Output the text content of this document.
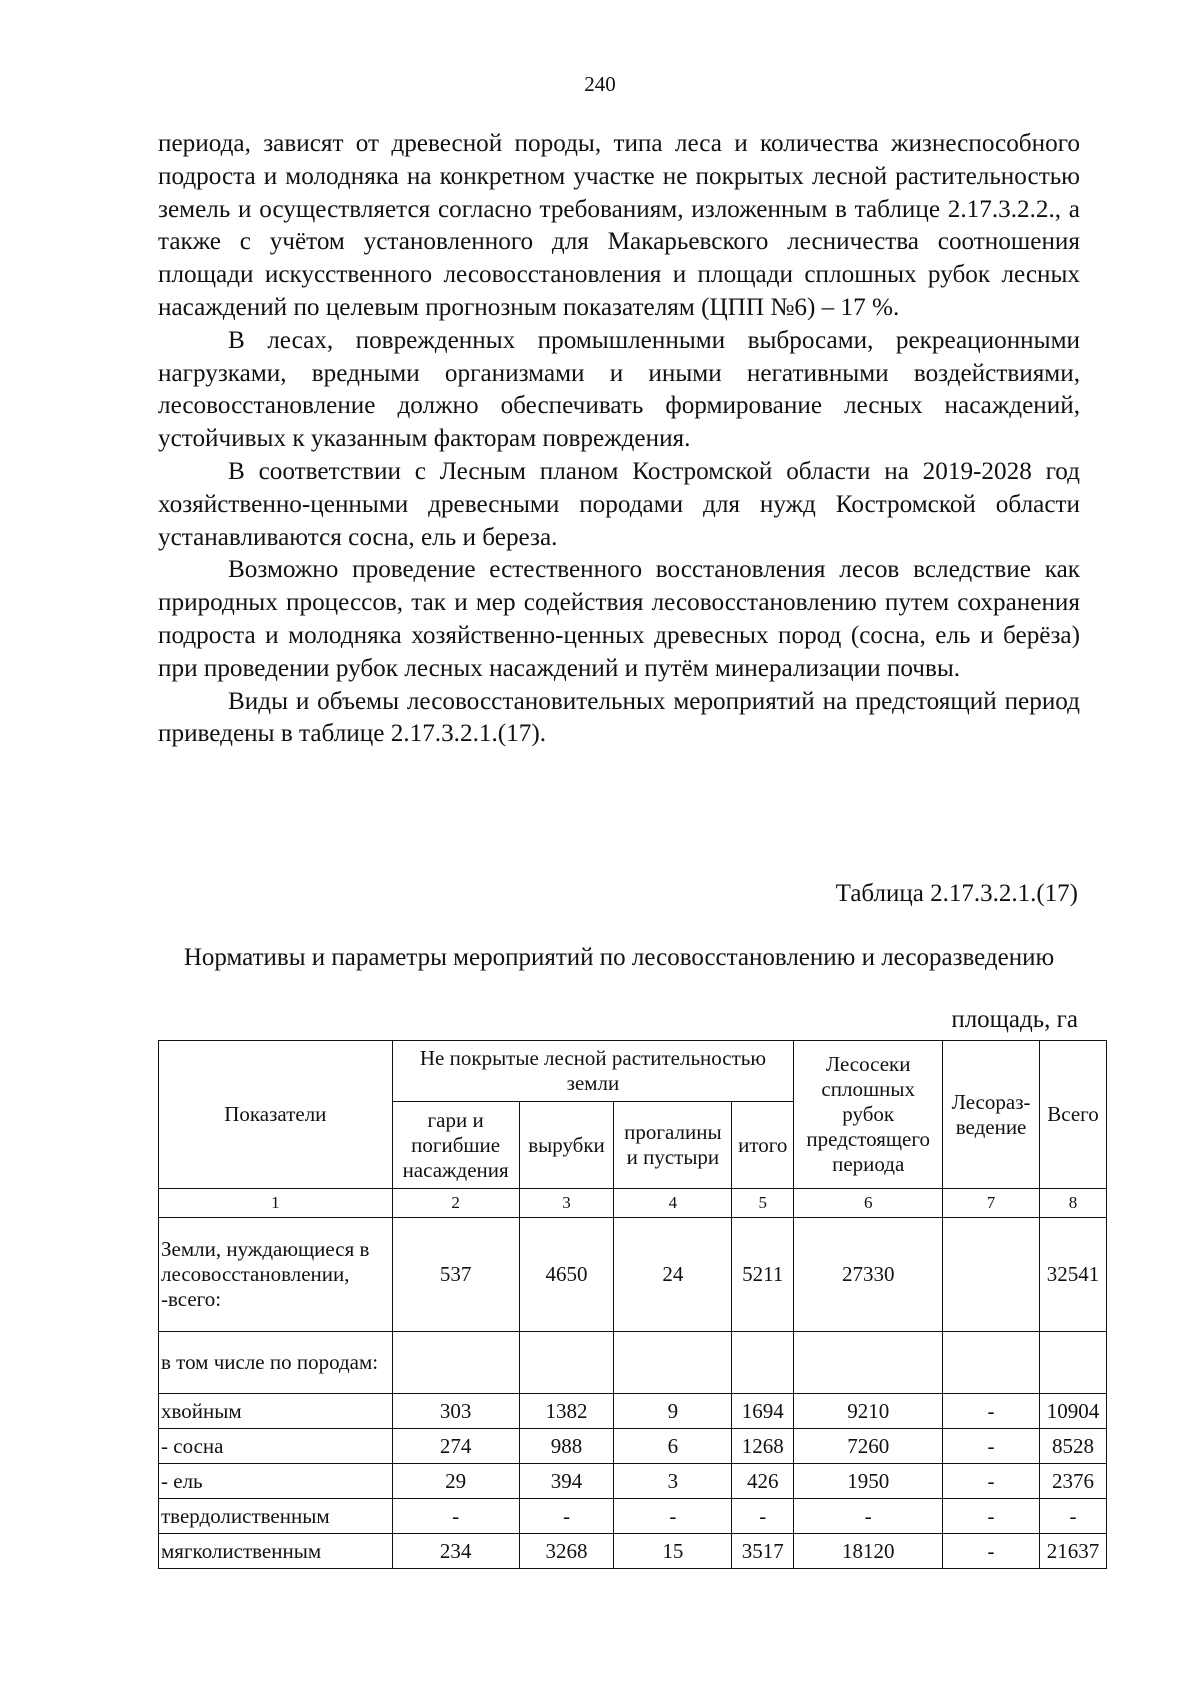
240

периода, зависят от древесной породы, типа леса и количества жизнеспособного подроста и молодняка на конкретном участке не покрытых лесной растительностью земель и осуществляется согласно требованиям, изложенным в таблице 2.17.3.2.2., а также с учётом установленного для Макарьевского лесничества соотношения площади искусственного лесовосстановления и площади сплошных рубок лесных насаждений по целевым прогнозным показателям (ЦПП №6) – 17 %.

В лесах, поврежденных промышленными выбросами, рекреационными нагрузками, вредными организмами и иными негативными воздействиями, лесовосстановление должно обеспечивать формирование лесных насаждений, устойчивых к указанным факторам повреждения.

В соответствии с Лесным планом Костромской области на 2019-2028 год хозяйственно-ценными древесными породами для нужд Костромской области устанавливаются сосна, ель и береза.

Возможно проведение естественного восстановления лесов вследствие как природных процессов, так и мер содействия лесовосстановлению путем сохранения подроста и молодняка хозяйственно-ценных древесных пород (сосна, ель и берёза) при проведении рубок лесных насаждений и путём минерализации почвы.

Виды и объемы лесовосстановительных мероприятий на предстоящий период приведены в таблице 2.17.3.2.1.(17).

Таблица 2.17.3.2.1.(17)
Нормативы и параметры мероприятий по лесовосстановлению и лесоразведению
площадь, га
Показатели	Не покрытые лесной растительностью земли				Лесосеки сплошных рубок предстоящего периода	Лесораз-ведение	Всего
	гари и погибшие насаждения	вырубки	прогалины и пустыри	итого			
1	2	3	4	5	6	7	8
Земли, нуждающиеся в лесовосстановлении, -всего:	537	4650	24	5211	27330		32541
в том числе по породам:							
хвойным	303	1382	9	1694	9210	-	10904
- сосна	274	988	6	1268	7260	-	8528
- ель	29	394	3	426	1950	-	2376
твердолиственным	-	-	-	-	-	-	-
мягколиственным	234	3268	15	3517	18120	-	21637
